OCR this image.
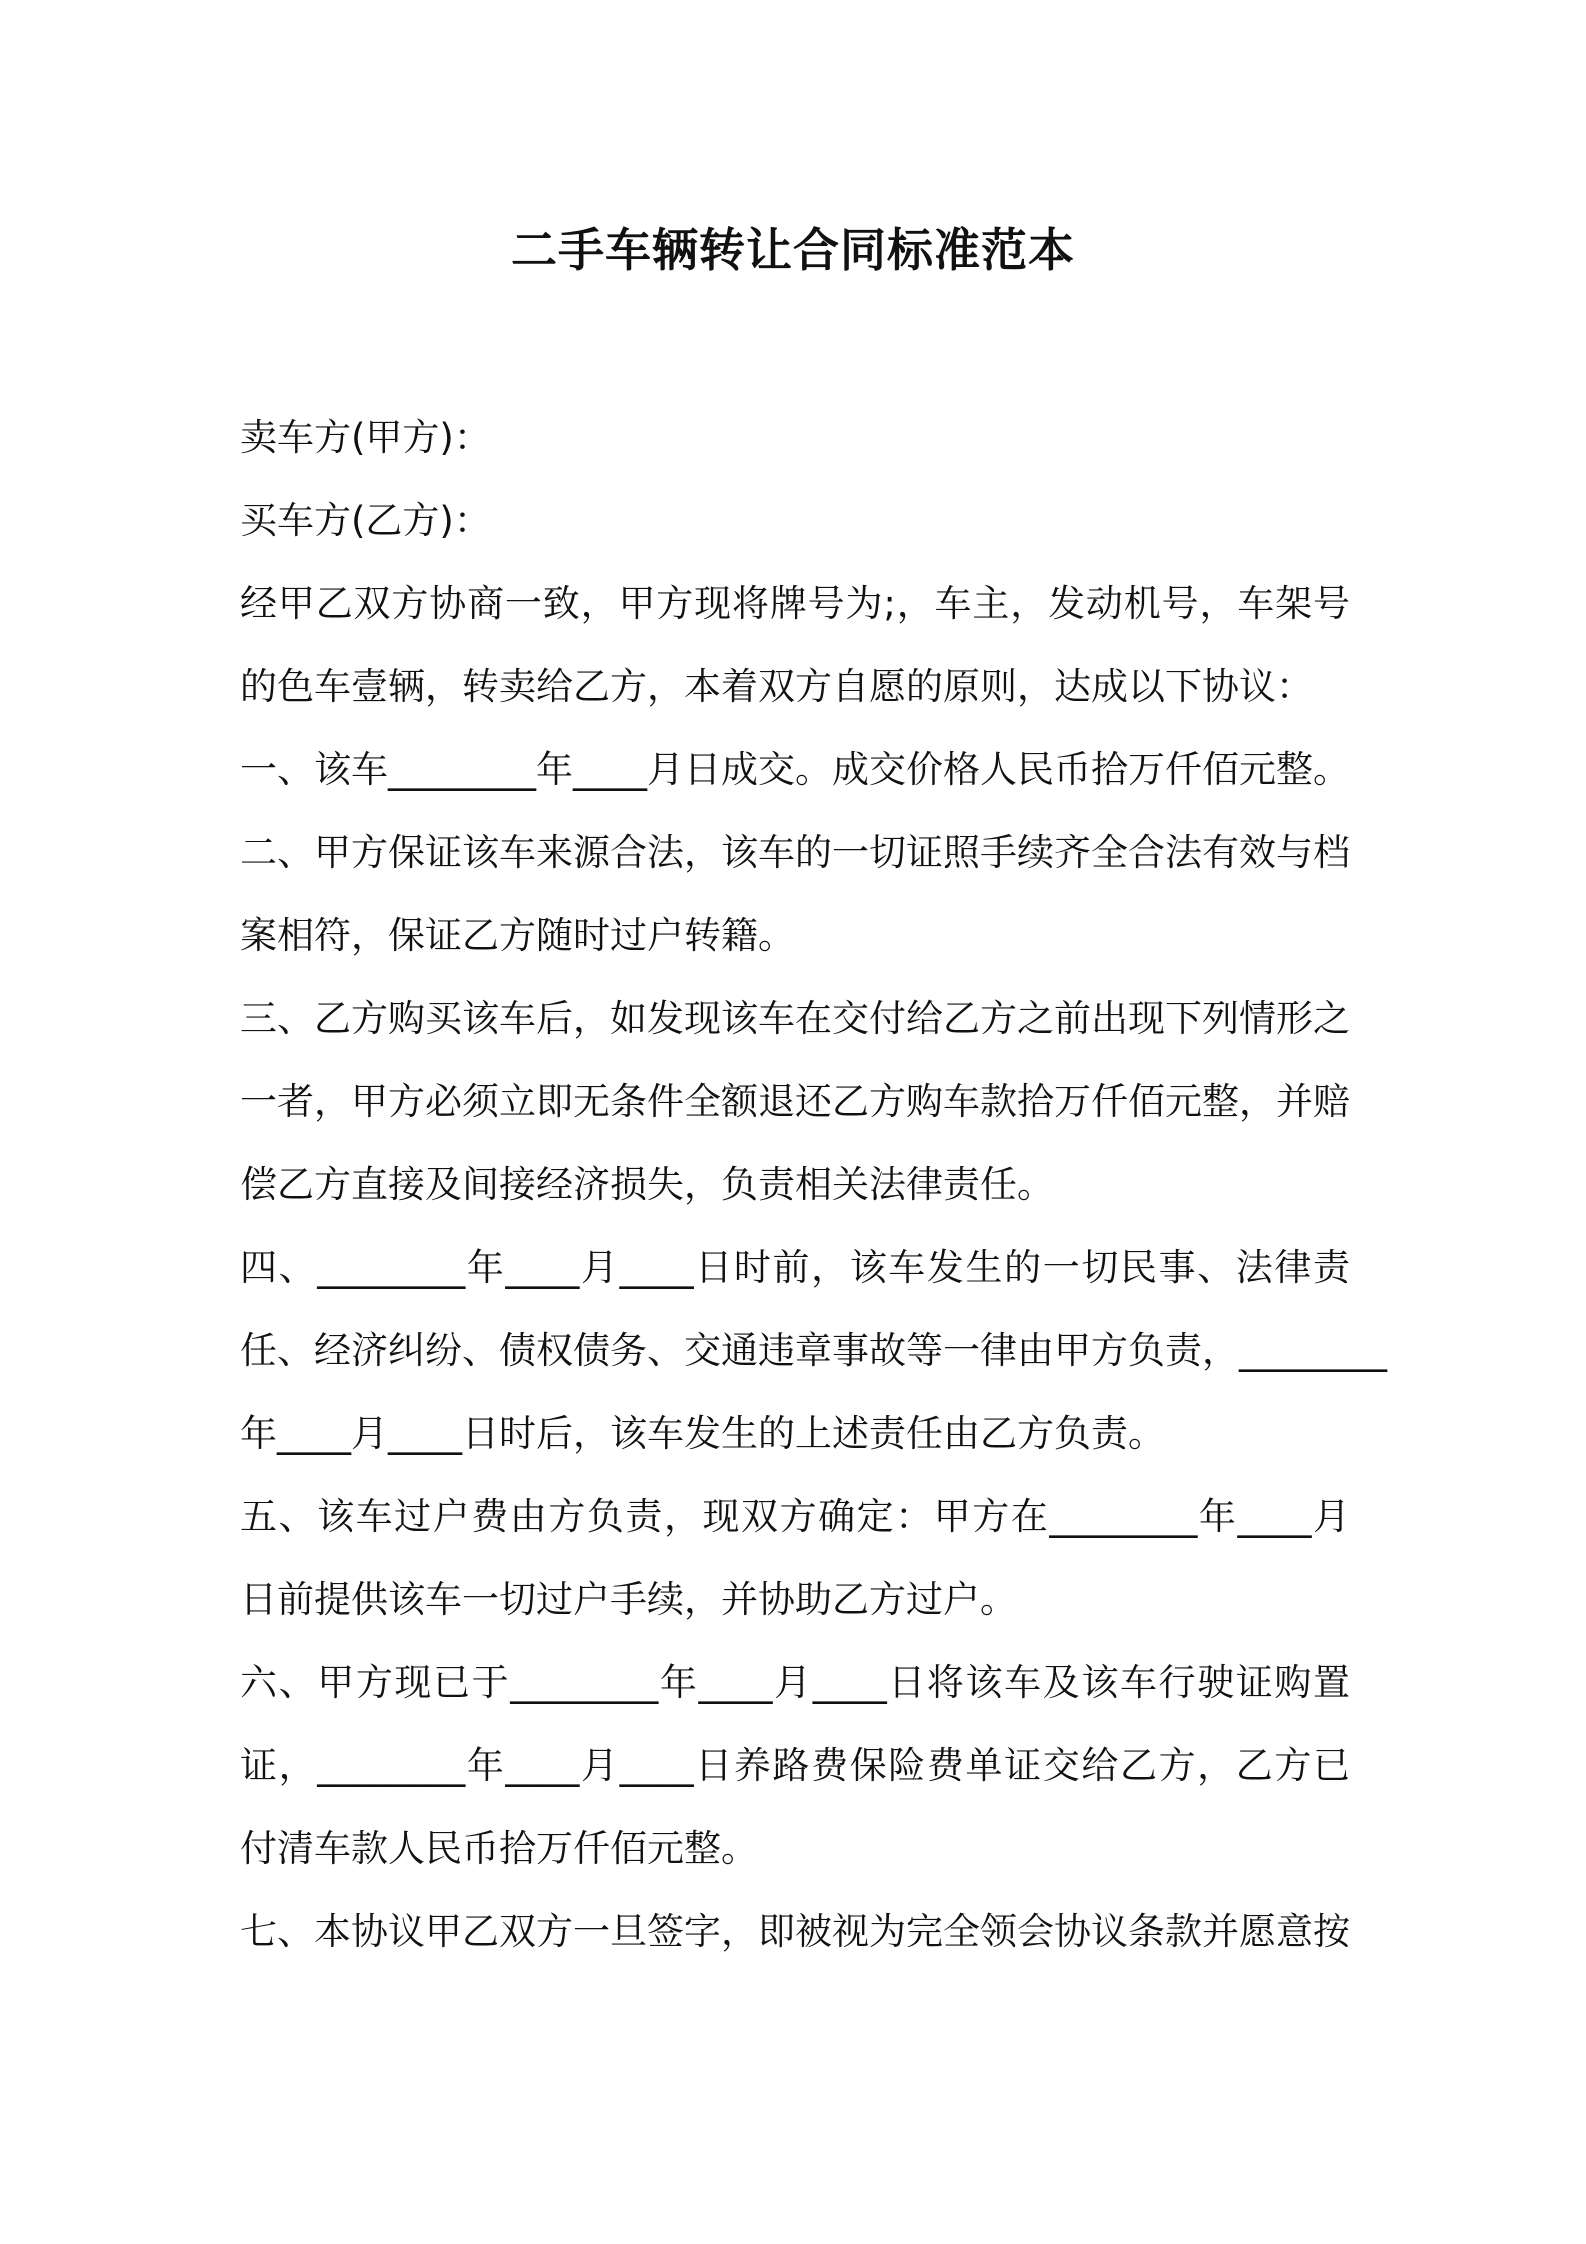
二手车辆转让合同标准范本
卖车方(甲方)：
买车方(乙方)：
经甲乙双方协商一致，甲方现将牌号为;，车主，发动机号，车架号
的色车壹辆，转卖给乙方，本着双方自愿的原则，达成以下协议：
一、该车________年____月日成交。成交价格人民币拾万仟佰元整。
二、甲方保证该车来源合法，该车的一切证照手续齐全合法有效与档
案相符，保证乙方随时过户转籍。
三、乙方购买该车后，如发现该车在交付给乙方之前出现下列情形之
一者，甲方必须立即无条件全额退还乙方购车款拾万仟佰元整，并赔
偿乙方直接及间接经济损失，负责相关法律责任。
四、________年____月____日时前，该车发生的一切民事、法律责
任、经济纠纷、债权债务、交通违章事故等一律由甲方负责，________
年____月____日时后，该车发生的上述责任由乙方负责。
五、该车过户费由方负责，现双方确定：甲方在________年____月
日前提供该车一切过户手续，并协助乙方过户。
六、甲方现已于________年____月____日将该车及该车行驶证购置
证，________年____月____日养路费保险费单证交给乙方，乙方已
付清车款人民币拾万仟佰元整。
七、本协议甲乙双方一旦签字，即被视为完全领会协议条款并愿意按
